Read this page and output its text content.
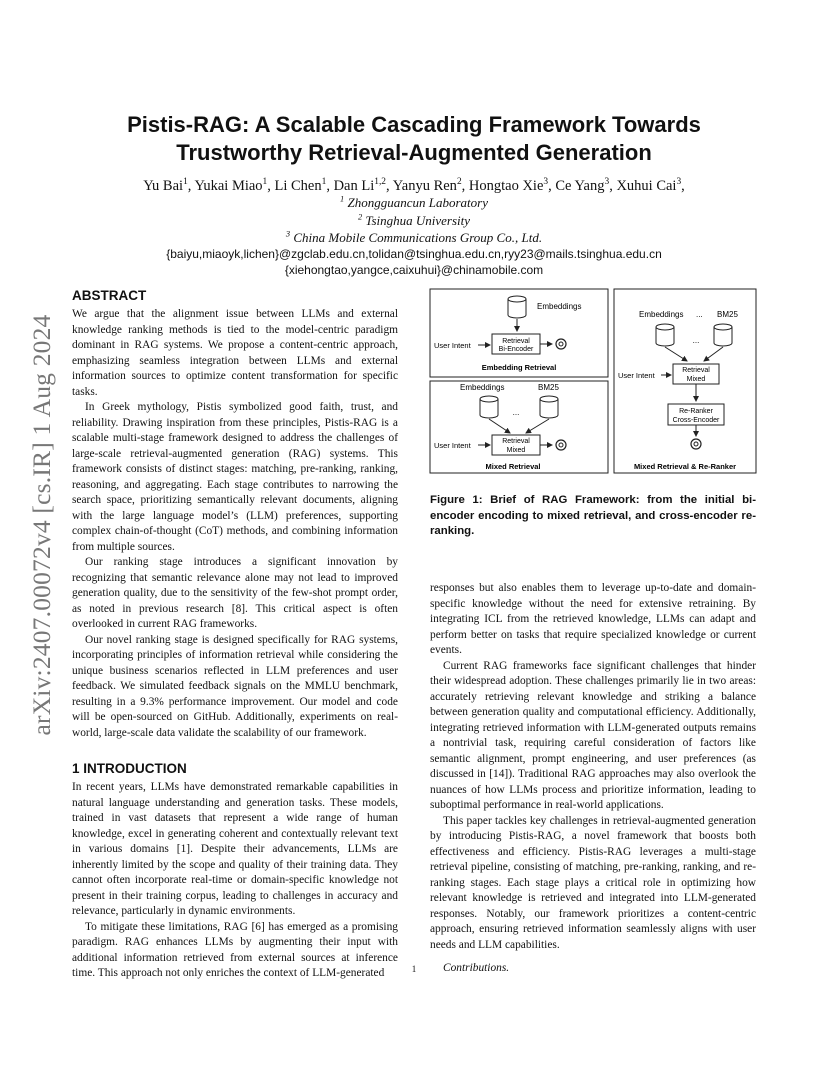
arXiv:2407.00072v4 [cs.IR] 1 Aug 2024
Pistis-RAG: A Scalable Cascading Framework Towards
Trustworthy Retrieval-Augmented Generation
Yu Bai$^1$, Yukai Miao$^1$, Li Chen$^1$, Dan Li$^{1,2}$, Yanyu Ren$^2$, Hongtao Xie$^3$, Ce Yang$^3$, Xuhui Cai$^3$,
$^1$ Zhongguancun Laboratory
$^2$ Tsinghua University
$^3$ China Mobile Communications Group Co., Ltd.
{baiyu,miaoyk,lichen}@zgclab.edu.cn,tolidan@tsinghua.edu.cn,ryy23@mails.tsinghua.edu.cn
{xiehongtao,yangce,caixuhui}@chinamobile.com
ABSTRACT

We argue that the alignment issue between LLMs and external knowledge ranking methods is tied to the model-centric paradigm dominant in RAG systems. We propose a content-centric approach, emphasizing seamless integration between LLMs and external information sources to optimize content transformation for specific tasks.

In Greek mythology, Pistis symbolized good faith, trust, and reliability. Drawing inspiration from these principles, Pistis-RAG is a scalable multi-stage framework designed to address the challenges of large-scale retrieval-augmented generation (RAG) systems. This framework consists of distinct stages: matching, pre-ranking, ranking, reasoning, and aggregating. Each stage contributes to narrowing the search space, prioritizing semantically relevant documents, aligning with the large language model’s (LLM) preferences, supporting complex chain-of-thought (CoT) methods, and combining information from multiple sources.

Our ranking stage introduces a significant innovation by recognizing that semantic relevance alone may not lead to improved generation quality, due to the sensitivity of the few-shot prompt order, as noted in previous research [8]. This critical aspect is often overlooked in current RAG frameworks.

Our novel ranking stage is designed specifically for RAG systems, incorporating principles of information retrieval while considering the unique business scenarios reflected in LLM preferences and user feedback. We simulated feedback signals on the MMLU benchmark, resulting in a 9.3% performance improvement. Our model and code will be open-sourced on GitHub. Additionally, experiments on real-world, large-scale data validate the scalability of our framework.

1 INTRODUCTION

In recent years, LLMs have demonstrated remarkable capabilities in natural language understanding and generation tasks. These models, trained in vast datasets that represent a wide range of human knowledge, excel in generating coherent and contextually relevant text in various domains [1]. Despite their advancements, LLMs are inherently limited by the scope and quality of their training data. They cannot often incorporate real-time or domain-specific knowledge not present in their training corpus, leading to challenges in accuracy and relevance, particularly in dynamic environments.

To mitigate these limitations, RAG [6] has emerged as a promising paradigm. RAG enhances LLMs by augmenting their input with additional information retrieved from external sources at inference time. This approach not only enriches the context of LLM-generated

Embeddings
User Intent	Retrieval
Bi-Encoder
Embedding Retrieval
Embeddings	BM25
...
User Intent	Retrieval
Mixed
Mixed Retrieval
Embeddings ... BM25
...
User Intent
Retrieval
Mixed
Re-Ranker
Cross-Encoder
Mixed Retrieval & Re-Ranker
Figure 1: Brief of RAG Framework: from the initial bi-encoder encoding to mixed retrieval, and cross-encoder re-ranking.

responses but also enables them to leverage up-to-date and domain-specific knowledge without the need for extensive retraining. By integrating ICL from the retrieved knowledge, LLMs can adapt and perform better on tasks that require specialized knowledge or current events.

Current RAG frameworks face significant challenges that hinder their widespread adoption. These challenges primarily lie in two areas: accurately retrieving relevant knowledge and striking a balance between generation quality and computational efficiency. Additionally, integrating retrieved information with LLM-generated outputs remains a nontrivial task, requiring careful consideration of factors like semantic alignment, prompt engineering, and user preferences (as discussed in [14]). Traditional RAG approaches may also overlook the nuances of how LLMs process and prioritize information, leading to suboptimal performance in real-world applications.

This paper tackles key challenges in retrieval-augmented generation by introducing Pistis-RAG, a novel framework that boosts both effectiveness and efficiency. Pistis-RAG leverages a multi-stage retrieval pipeline, consisting of matching, pre-ranking, ranking, and re-ranking stages. Each stage plays a critical role in optimizing how relevant knowledge is retrieved and integrated into LLM-generated responses. Notably, our framework prioritizes a content-centric approach, ensuring retrieved information seamlessly aligns with user needs and LLM capabilities.

Contributions.

1
